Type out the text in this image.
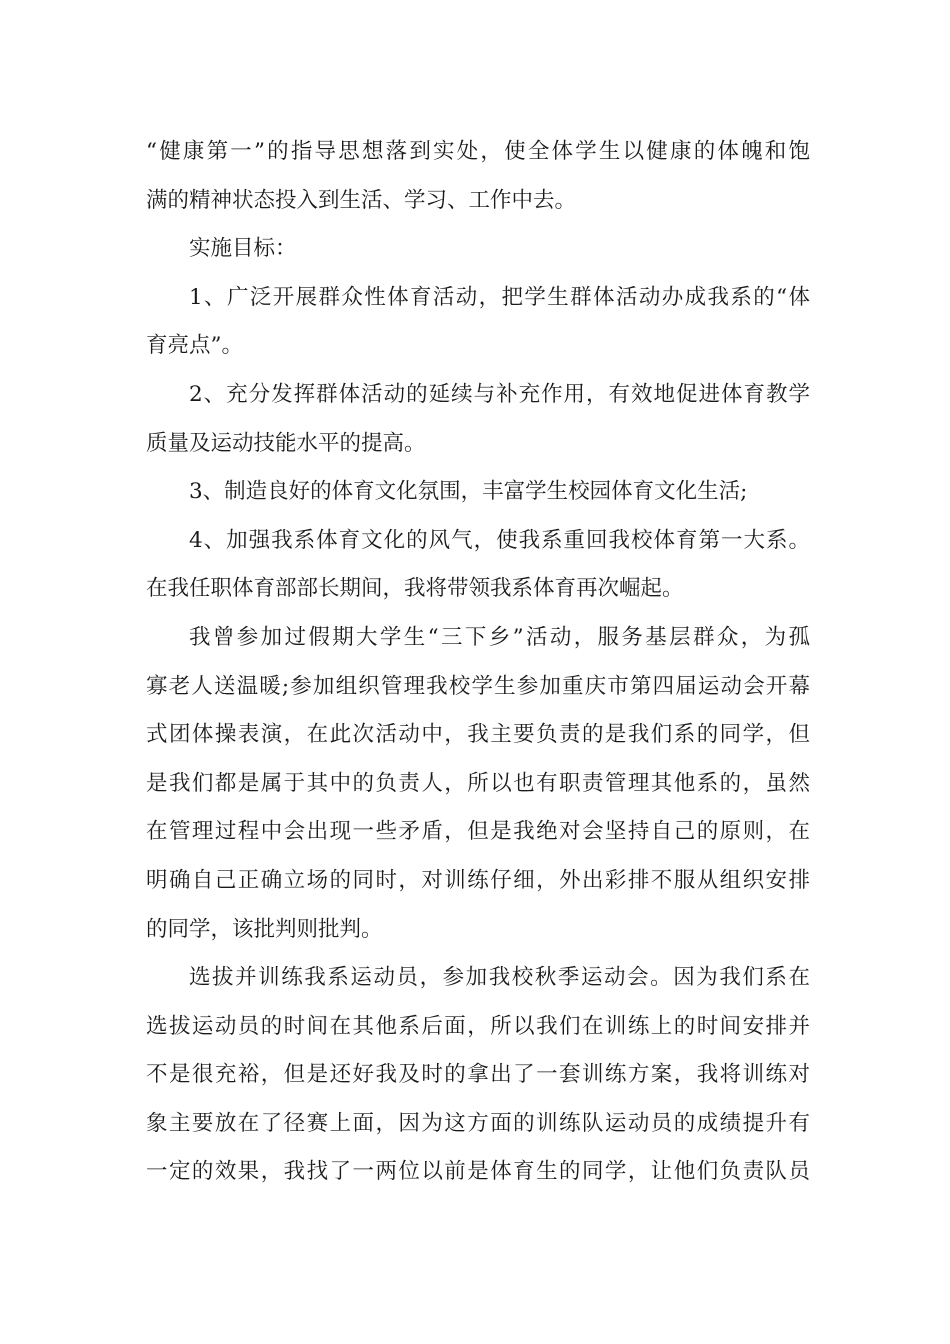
“健康第一”的指导思想落到实处，使全体学生以健康的体魄和饱
满的精神状态投入到生活、学习、工作中去。
实施目标：
1、广泛开展群众性体育活动，把学生群体活动办成我系的“体
育亮点”。
2、充分发挥群体活动的延续与补充作用，有效地促进体育教学
质量及运动技能水平的提高。
3、制造良好的体育文化氛围，丰富学生校园体育文化生活;
4、加强我系体育文化的风气，使我系重回我校体育第一大系。
在我任职体育部部长期间，我将带领我系体育再次崛起。
我曾参加过假期大学生“三下乡”活动，服务基层群众，为孤
寡老人送温暖;参加组织管理我校学生参加重庆市第四届运动会开幕
式团体操表演，在此次活动中，我主要负责的是我们系的同学，但
是我们都是属于其中的负责人，所以也有职责管理其他系的，虽然
在管理过程中会出现一些矛盾，但是我绝对会坚持自己的原则，在
明确自己正确立场的同时，对训练仔细，外出彩排不服从组织安排
的同学，该批判则批判。
选拔并训练我系运动员，参加我校秋季运动会。因为我们系在
选拔运动员的时间在其他系后面，所以我们在训练上的时间安排并
不是很充裕，但是还好我及时的拿出了一套训练方案，我将训练对
象主要放在了径赛上面，因为这方面的训练队运动员的成绩提升有
一定的效果，我找了一两位以前是体育生的同学，让他们负责队员
